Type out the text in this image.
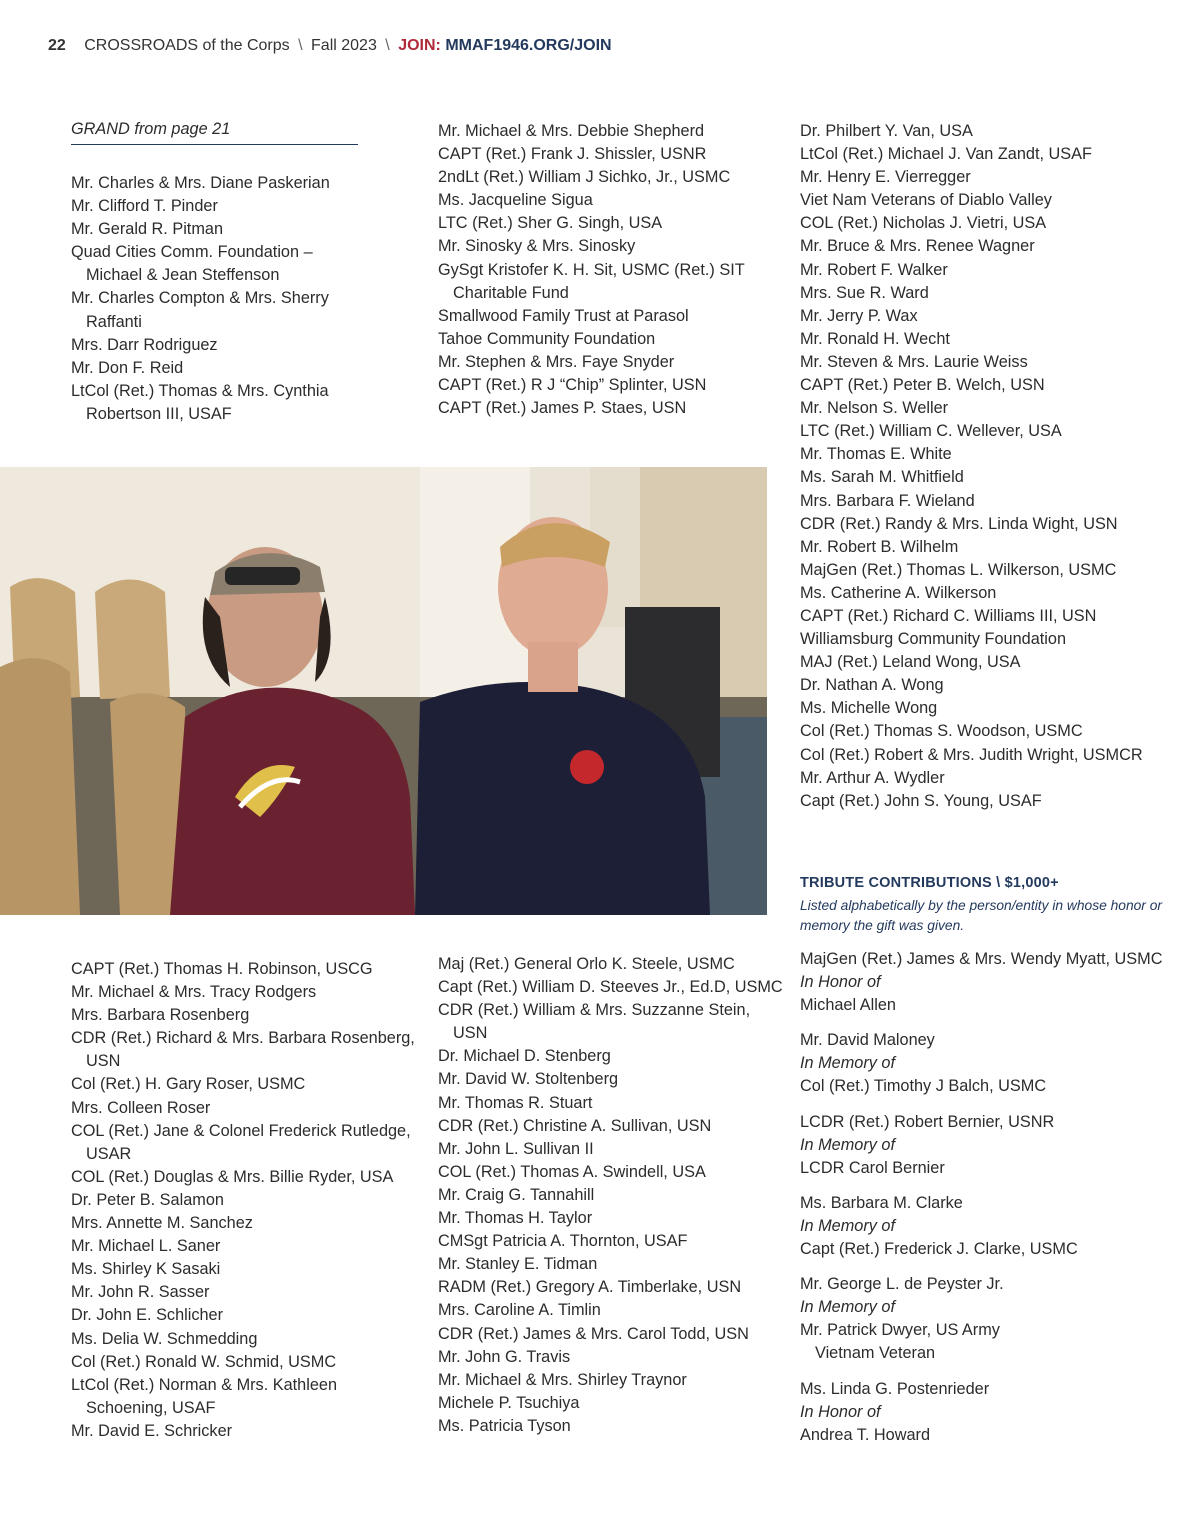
22 CROSSROADS of the Corps \ Fall 2023 \ JOIN: MMAF1946.ORG/JOIN
GRAND from page 21
Mr. Charles & Mrs. Diane Paskerian
Mr. Clifford T. Pinder
Mr. Gerald R. Pitman
Quad Cities Comm. Foundation – Michael & Jean Steffenson
Mr. Charles Compton & Mrs. Sherry Raffanti
Mrs. Darr Rodriguez
Mr. Don F. Reid
LtCol (Ret.) Thomas & Mrs. Cynthia Robertson III, USAF
Mr. Michael & Mrs. Debbie Shepherd
CAPT (Ret.) Frank J. Shissler, USNR
2ndLt (Ret.) William J Sichko, Jr., USMC
Ms. Jacqueline Sigua
LTC (Ret.) Sher G. Singh, USA
Mr. Sinosky & Mrs. Sinosky
GySgt Kristofer K. H. Sit, USMC (Ret.) SIT Charitable Fund
Smallwood Family Trust at Parasol
Tahoe Community Foundation
Mr. Stephen & Mrs. Faye Snyder
CAPT (Ret.) R J “Chip” Splinter, USN
CAPT (Ret.) James P. Staes, USN
Dr. Philbert Y. Van, USA
LtCol (Ret.) Michael J. Van Zandt, USAF
Mr. Henry E. Vierregger
Viet Nam Veterans of Diablo Valley
COL (Ret.) Nicholas J. Vietri, USA
Mr. Bruce & Mrs. Renee Wagner
Mr. Robert F. Walker
Mrs. Sue R. Ward
Mr. Jerry P. Wax
Mr. Ronald H. Wecht
Mr. Steven & Mrs. Laurie Weiss
CAPT (Ret.) Peter B. Welch, USN
Mr. Nelson S. Weller
LTC (Ret.) William C. Wellever, USA
Mr. Thomas E. White
Ms. Sarah M. Whitfield
Mrs. Barbara F. Wieland
CDR (Ret.) Randy & Mrs. Linda Wight, USN
Mr. Robert B. Wilhelm
MajGen (Ret.) Thomas L. Wilkerson, USMC
Ms. Catherine A. Wilkerson
CAPT (Ret.) Richard C. Williams III, USN
Williamsburg Community Foundation
MAJ (Ret.) Leland Wong, USA
Dr. Nathan A. Wong
Ms. Michelle Wong
Col (Ret.) Thomas S. Woodson, USMC
Col (Ret.) Robert & Mrs. Judith Wright, USMCR
Mr. Arthur A. Wydler
Capt (Ret.) John S. Young, USAF
CAPT (Ret.) Thomas H. Robinson, USCG
Mr. Michael & Mrs. Tracy Rodgers
Mrs. Barbara Rosenberg
CDR (Ret.) Richard & Mrs. Barbara Rosenberg, USN
Col (Ret.) H. Gary Roser, USMC
Mrs. Colleen Roser
COL (Ret.) Jane & Colonel Frederick Rutledge, USAR
COL (Ret.) Douglas & Mrs. Billie Ryder, USA
Dr. Peter B. Salamon
Mrs. Annette M. Sanchez
Mr. Michael L. Saner
Ms. Shirley K Sasaki
Mr. John R. Sasser
Dr. John E. Schlicher
Ms. Delia W. Schmedding
Col (Ret.) Ronald W. Schmid, USMC
LtCol (Ret.) Norman & Mrs. Kathleen Schoening, USAF
Mr. David E. Schricker
Maj (Ret.) General Orlo K. Steele, USMC
Capt (Ret.) William D. Steeves Jr., Ed.D, USMC
CDR (Ret.) William & Mrs. Suzzanne Stein, USN
Dr. Michael D. Stenberg
Mr. David W. Stoltenberg
Mr. Thomas R. Stuart
CDR (Ret.) Christine A. Sullivan, USN
Mr. John L. Sullivan II
COL (Ret.) Thomas A. Swindell, USA
Mr. Craig G. Tannahill
Mr. Thomas H. Taylor
CMSgt Patricia A. Thornton, USAF
Mr. Stanley E. Tidman
RADM (Ret.) Gregory A. Timberlake, USN
Mrs. Caroline A. Timlin
CDR (Ret.) James & Mrs. Carol Todd, USN
Mr. John G. Travis
Mr. Michael & Mrs. Shirley Traynor
Michele P. Tsuchiya
Ms. Patricia Tyson
TRIBUTE CONTRIBUTIONS \ $1,000+
Listed alphabetically by the person/entity in whose honor or memory the gift was given.
MajGen (Ret.) James & Mrs. Wendy Myatt, USMC
In Honor of
Michael Allen
Mr. David Maloney
In Memory of
Col (Ret.) Timothy J Balch, USMC
LCDR (Ret.) Robert Bernier, USNR
In Memory of
LCDR Carol Bernier
Ms. Barbara M. Clarke
In Memory of
Capt (Ret.) Frederick J. Clarke, USMC
Mr. George L. de Peyster Jr.
In Memory of
Mr. Patrick Dwyer, US Army
Vietnam Veteran
Ms. Linda G. Postenrieder
In Honor of
Andrea T. Howard
